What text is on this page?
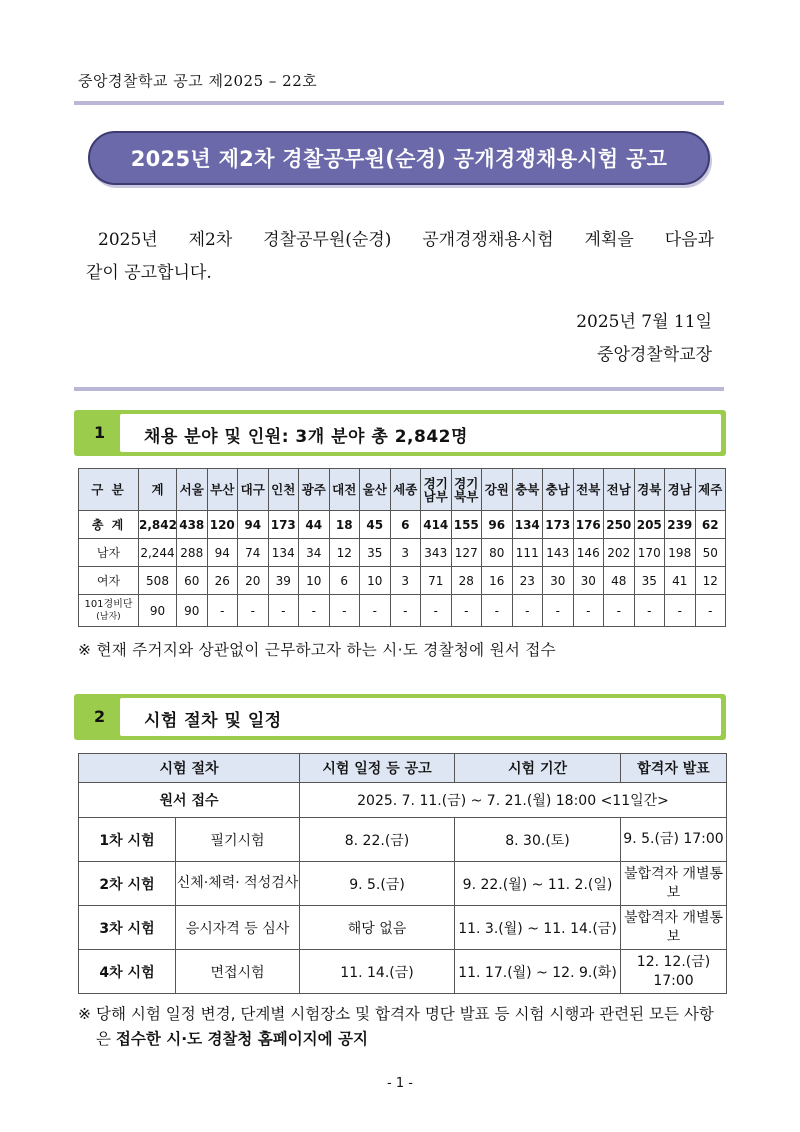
중앙경찰학교 공고 제2025 – 22호
2025년 제2차 경찰공무원(순경) 공개경쟁채용시험 공고
2025년 제2차 경찰공무원(순경) 공개경쟁채용시험 계획을 다음과
같이 공고합니다.
2025년 7월 11일
중앙경찰학교장
1 채용 분야 및 인원: 3개 분야 총 2,842명
구 분	계	서울	부산	대구	인천	광주	대전	울산	세종	경기남부	경기북부	강원	충북	충남	전북	전남	경북	경남	제주
총 계	2,842	438	120	94	173	44	18	45	6	414	155	96	134	173	176	250	205	239	62
남자	2,244	288	94	74	134	34	12	35	3	343	127	80	111	143	146	202	170	198	50
여자	508	60	26	20	39	10	6	10	3	71	28	16	23	30	30	48	35	41	12
101경비단
(남자)	90	90	-	-	-	-	-	-	-	-	-	-	-	-	-	-	-	-	-
※ 현재 주거지와 상관없이 근무하고자 하는 시·도 경찰청에 원서 접수
2 시험 절차 및 일정
시험 절차		시험 일정 등 공고	시험 기간	합격자 발표
원서 접수		2025. 7. 11.(금) ~ 7. 21.(월) 18:00 <11일간>		
1차 시험	필기시험	8. 22.(금)	8. 30.(토)	9. 5.(금) 17:00
2차 시험	신체·체력· 적성검사	9. 5.(금)	9. 22.(월) ~ 11. 2.(일)	불합격자 개별통보
3차 시험	응시자격 등 심사	해당 없음	11. 3.(월) ~ 11. 14.(금)	불합격자 개별통보
4차 시험	면접시험	11. 14.(금)	11. 17.(월) ~ 12. 9.(화)	12. 12.(금) 17:00
※ 당해 시험 일정 변경, 단계별 시험장소 및 합격자 명단 발표 등 시험 시행과 관련된 모든 사항은 접수한 시·도 경찰청 홈페이지에 공지
- 1 -
